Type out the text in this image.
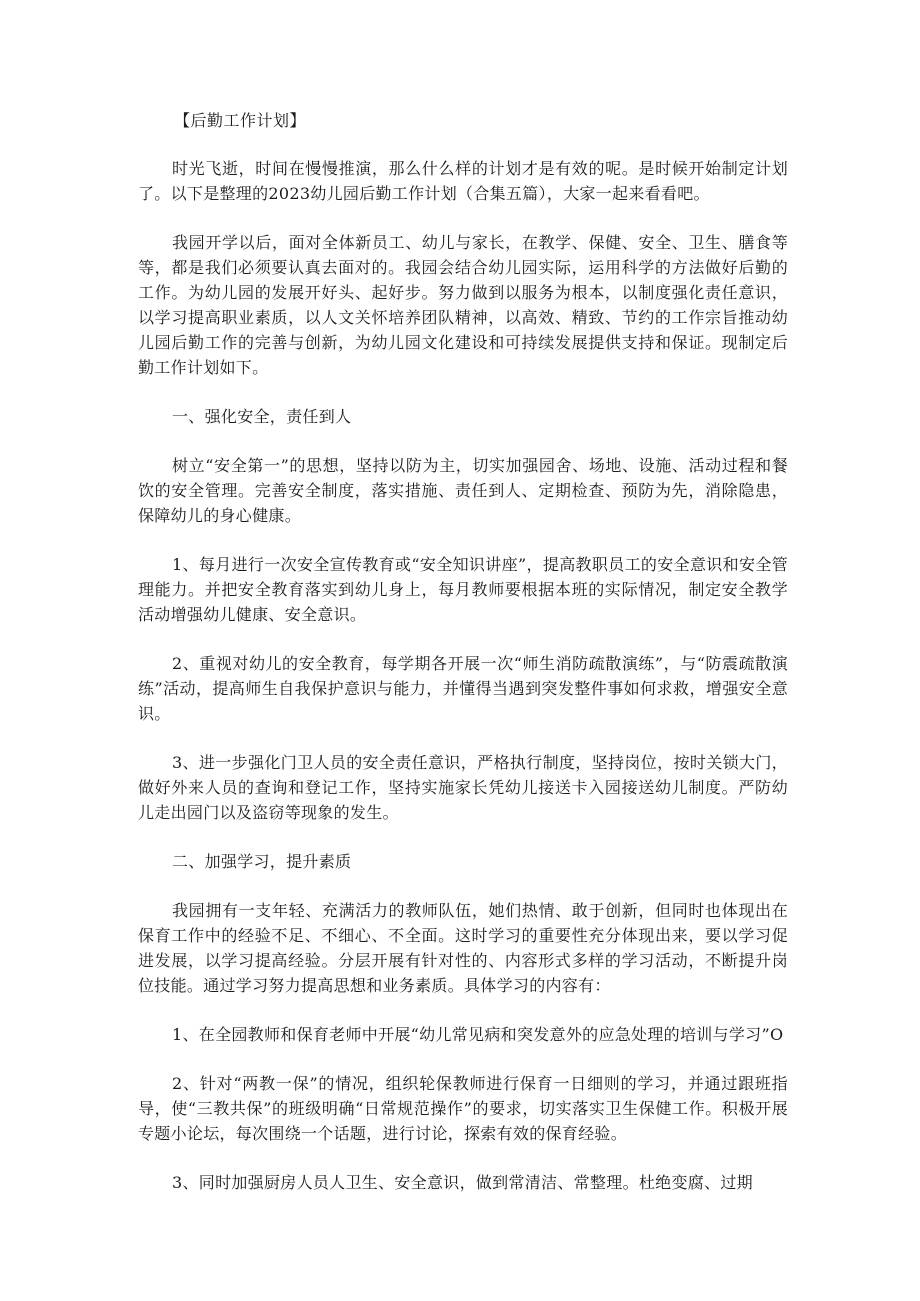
【后勤工作计划】

时光飞逝，时间在慢慢推演，那么什么样的计划才是有效的呢。是时候开始制定计划了。以下是整理的2023幼儿园后勤工作计划（合集五篇），大家一起来看看吧。

我园开学以后，面对全体新员工、幼儿与家长，在教学、保健、安全、卫生、膳食等等，都是我们必须要认真去面对的。我园会结合幼儿园实际，运用科学的方法做好后勤的工作。为幼儿园的发展开好头、起好步。努力做到以服务为根本，以制度强化责任意识，以学习提高职业素质，以人文关怀培养团队精神，以高效、精致、节约的工作宗旨推动幼儿园后勤工作的完善与创新，为幼儿园文化建设和可持续发展提供支持和保证。现制定后勤工作计划如下。

一、强化安全，责任到人

树立“安全第一”的思想，坚持以防为主，切实加强园舍、场地、设施、活动过程和餐饮的安全管理。完善安全制度，落实措施、责任到人、定期检查、预防为先，消除隐患，保障幼儿的身心健康。

1、每月进行一次安全宣传教育或“安全知识讲座”，提高教职员工的安全意识和安全管理能力。并把安全教育落实到幼儿身上，每月教师要根据本班的实际情况，制定安全教学活动增强幼儿健康、安全意识。

2、重视对幼儿的安全教育，每学期各开展一次“师生消防疏散演练”，与“防震疏散演练”活动，提高师生自我保护意识与能力，并懂得当遇到突发整件事如何求救，增强安全意识。

3、进一步强化门卫人员的安全责任意识，严格执行制度，坚持岗位，按时关锁大门，做好外来人员的查询和登记工作，坚持实施家长凭幼儿接送卡入园接送幼儿制度。严防幼儿走出园门以及盗窃等现象的发生。

二、加强学习，提升素质

我园拥有一支年轻、充满活力的教师队伍，她们热情、敢于创新，但同时也体现出在保育工作中的经验不足、不细心、不全面。这时学习的重要性充分体现出来，要以学习促进发展，以学习提高经验。分层开展有针对性的、内容形式多样的学习活动，不断提升岗位技能。通过学习努力提高思想和业务素质。具体学习的内容有：

1、在全园教师和保育老师中开展“幼儿常见病和突发意外的应急处理的培训与学习”O

2、针对“两教一保”的情况，组织轮保教师进行保育一日细则的学习，并通过跟班指导，使“三教共保”的班级明确“日常规范操作”的要求，切实落实卫生保健工作。积极开展专题小论坛，每次围绕一个话题，进行讨论，探索有效的保育经验。

3、同时加强厨房人员人卫生、安全意识，做到常清洁、常整理。杜绝变腐、过期
